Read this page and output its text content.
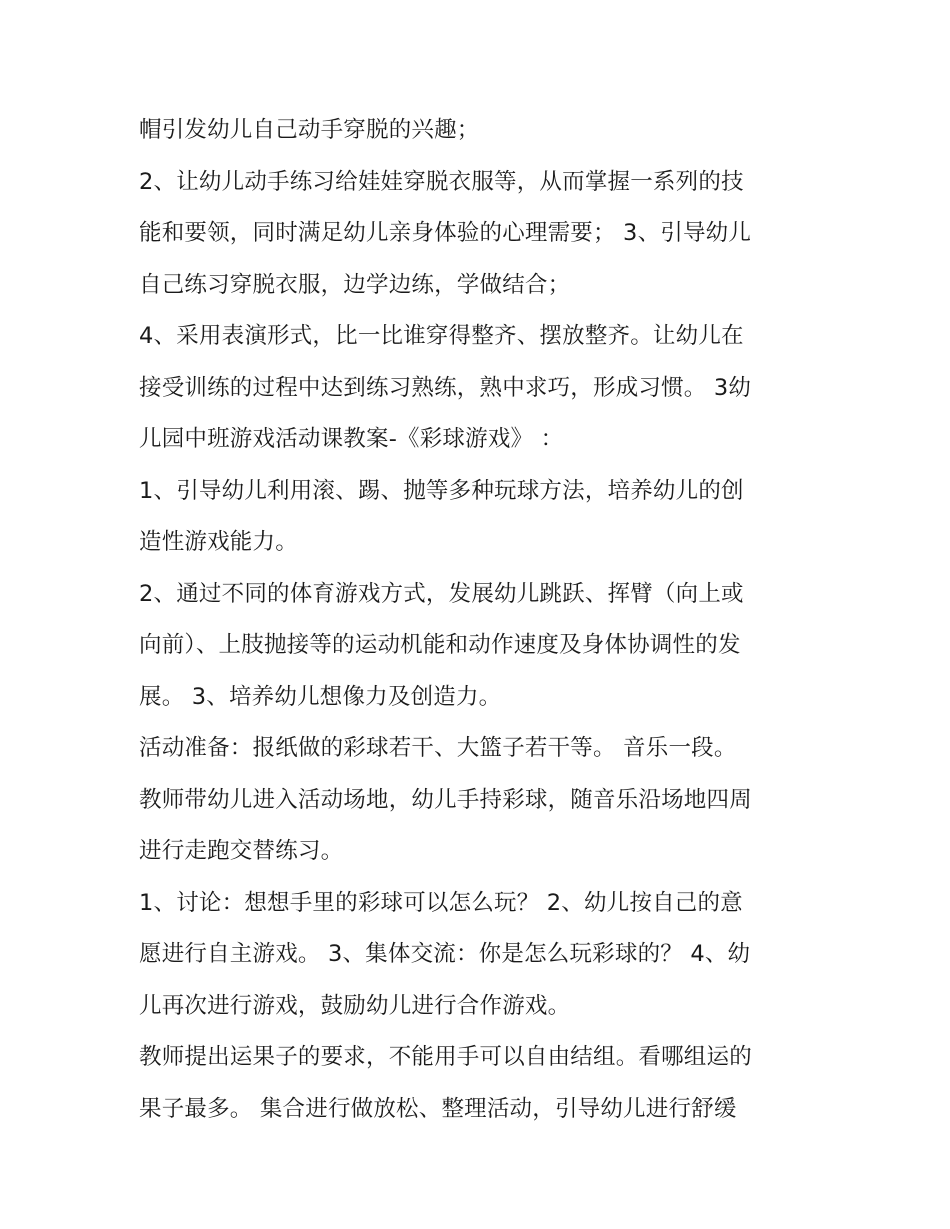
帽引发幼儿自己动手穿脱的兴趣；
2、让幼儿动手练习给娃娃穿脱衣服等，从而掌握一系列的技
能和要领，同时满足幼儿亲身体验的心理需要； 3、引导幼儿
自己练习穿脱衣服，边学边练，学做结合；
4、采用表演形式，比一比谁穿得整齐、摆放整齐。让幼儿在
接受训练的过程中达到练习熟练，熟中求巧，形成习惯。 3幼
儿园中班游戏活动课教案-《彩球游戏》 ：
1、引导幼儿利用滚、踢、抛等多种玩球方法，培养幼儿的创
造性游戏能力。
2、通过不同的体育游戏方式，发展幼儿跳跃、挥臂（向上或
向前）、上肢抛接等的运动机能和动作速度及身体协调性的发
展。 3、培养幼儿想像力及创造力。
活动准备：报纸做的彩球若干、大篮子若干等。 音乐一段。
教师带幼儿进入活动场地，幼儿手持彩球，随音乐沿场地四周
进行走跑交替练习。
1、讨论：想想手里的彩球可以怎么玩？ 2、幼儿按自己的意
愿进行自主游戏。 3、集体交流：你是怎么玩彩球的？ 4、幼
儿再次进行游戏，鼓励幼儿进行合作游戏。
教师提出运果子的要求，不能用手可以自由结组。看哪组运的
果子最多。 集合进行做放松、整理活动，引导幼儿进行舒缓
